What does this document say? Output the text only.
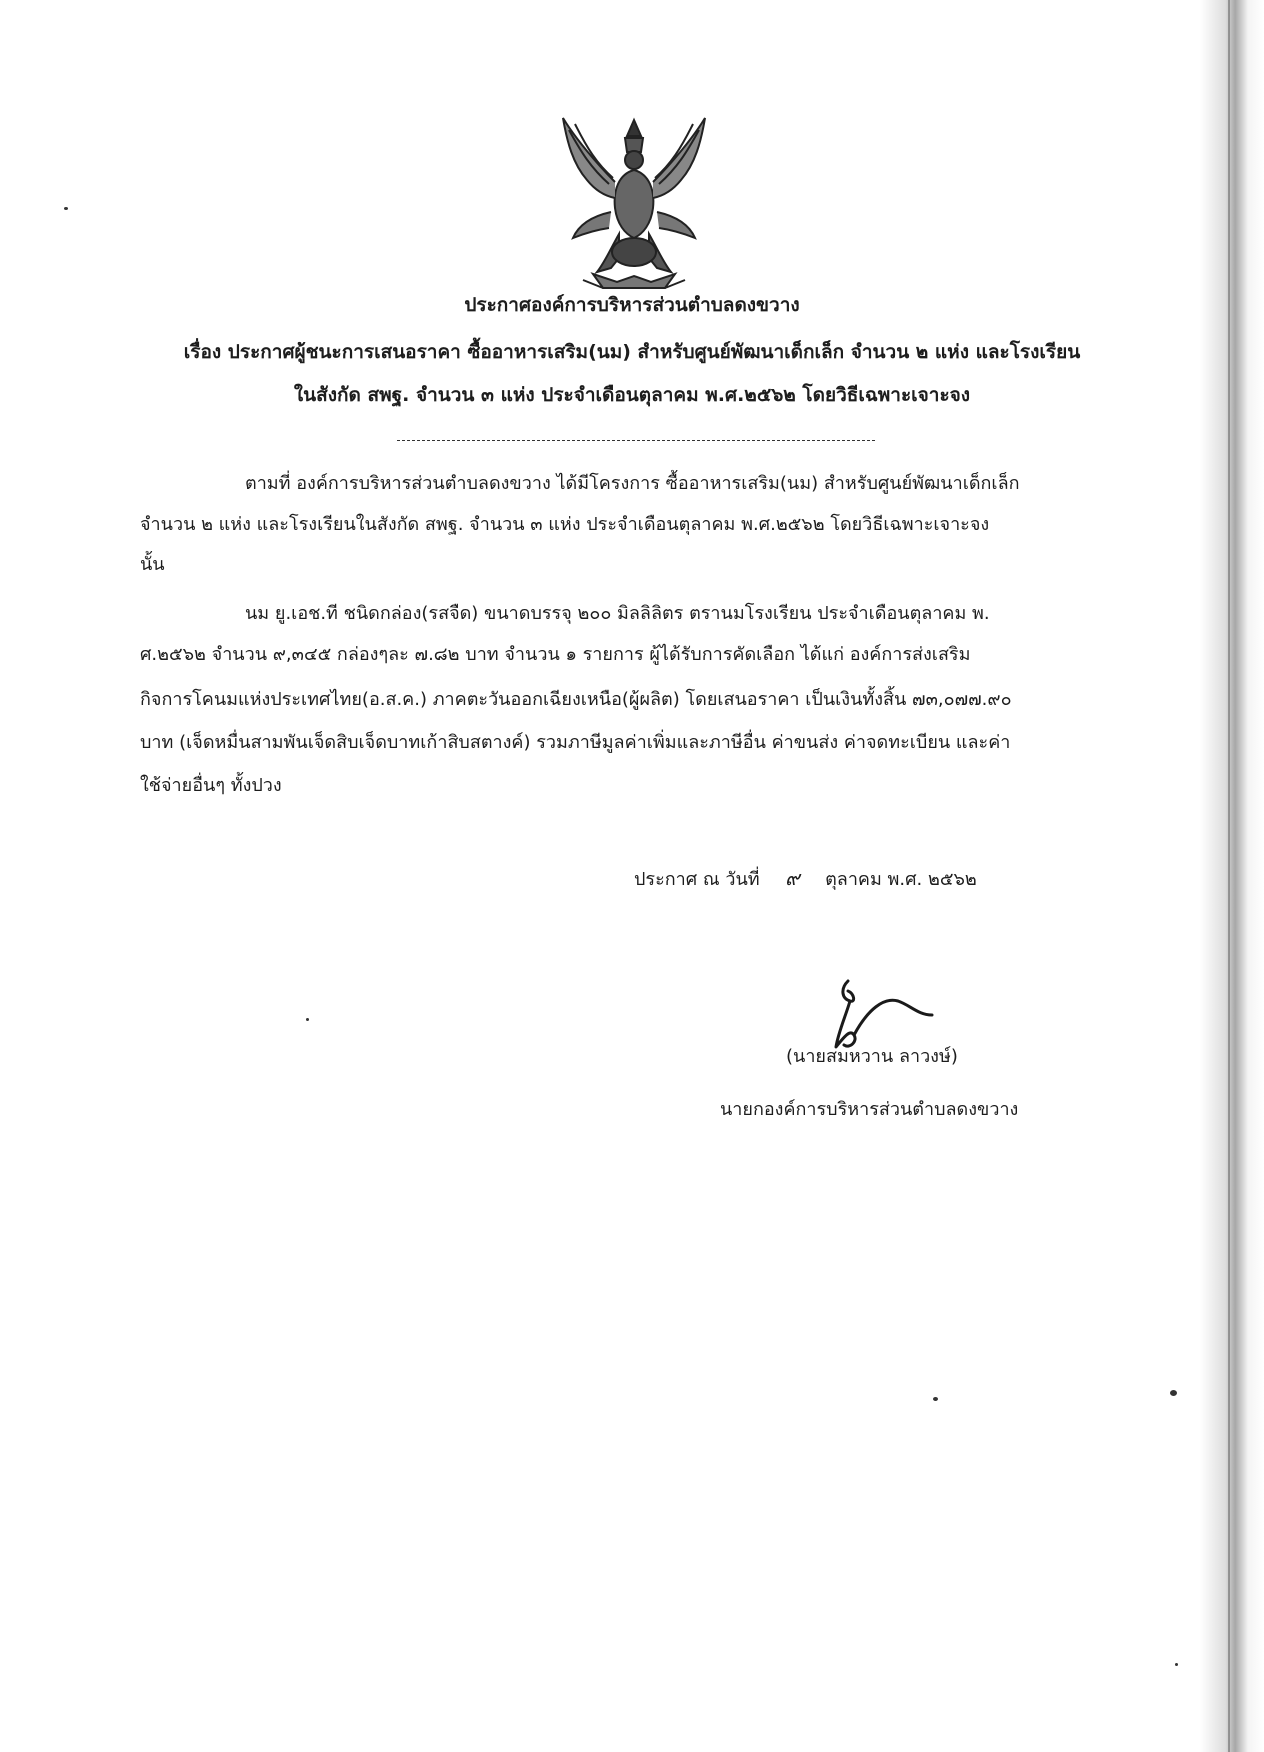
ประกาศองค์การบริหารส่วนตำบลดงขวาง
เรื่อง ประกาศผู้ชนะการเสนอราคา ซื้ออาหารเสริม(นม) สำหรับศูนย์พัฒนาเด็กเล็ก จำนวน ๒ แห่ง และโรงเรียน
ในสังกัด สพฐ. จำนวน ๓ แห่ง ประจำเดือนตุลาคม พ.ศ.๒๕๖๒ โดยวิธีเฉพาะเจาะจง
ตามที่ องค์การบริหารส่วนตำบลดงขวาง ได้มีโครงการ ซื้ออาหารเสริม(นม) สำหรับศูนย์พัฒนาเด็กเล็ก
จำนวน ๒ แห่ง และโรงเรียนในสังกัด สพฐ. จำนวน ๓ แห่ง ประจำเดือนตุลาคม พ.ศ.๒๕๖๒ โดยวิธีเฉพาะเจาะจง
นั้น
นม ยู.เอช.ที ชนิดกล่อง(รสจืด) ขนาดบรรจุ ๒๐๐ มิลลิลิตร ตรานมโรงเรียน ประจำเดือนตุลาคม พ.
ศ.๒๕๖๒ จำนวน ๙,๓๔๕ กล่องๆละ ๗.๘๒ บาท จำนวน ๑ รายการ ผู้ได้รับการคัดเลือก ได้แก่ องค์การส่งเสริม
กิจการโคนมแห่งประเทศไทย(อ.ส.ค.) ภาคตะวันออกเฉียงเหนือ(ผู้ผลิต) โดยเสนอราคา เป็นเงินทั้งสิ้น ๗๓,๐๗๗.๙๐
บาท (เจ็ดหมื่นสามพันเจ็ดสิบเจ็ดบาทเก้าสิบสตางค์) รวมภาษีมูลค่าเพิ่มและภาษีอื่น ค่าขนส่ง ค่าจดทะเบียน และค่า
ใช้จ่ายอื่นๆ ทั้งปวง
ประกาศ ณ วันที่ ๙ ตุลาคม พ.ศ. ๒๕๖๒
(นายสมหวาน ลาวงษ์)
นายกองค์การบริหารส่วนตำบลดงขวาง
